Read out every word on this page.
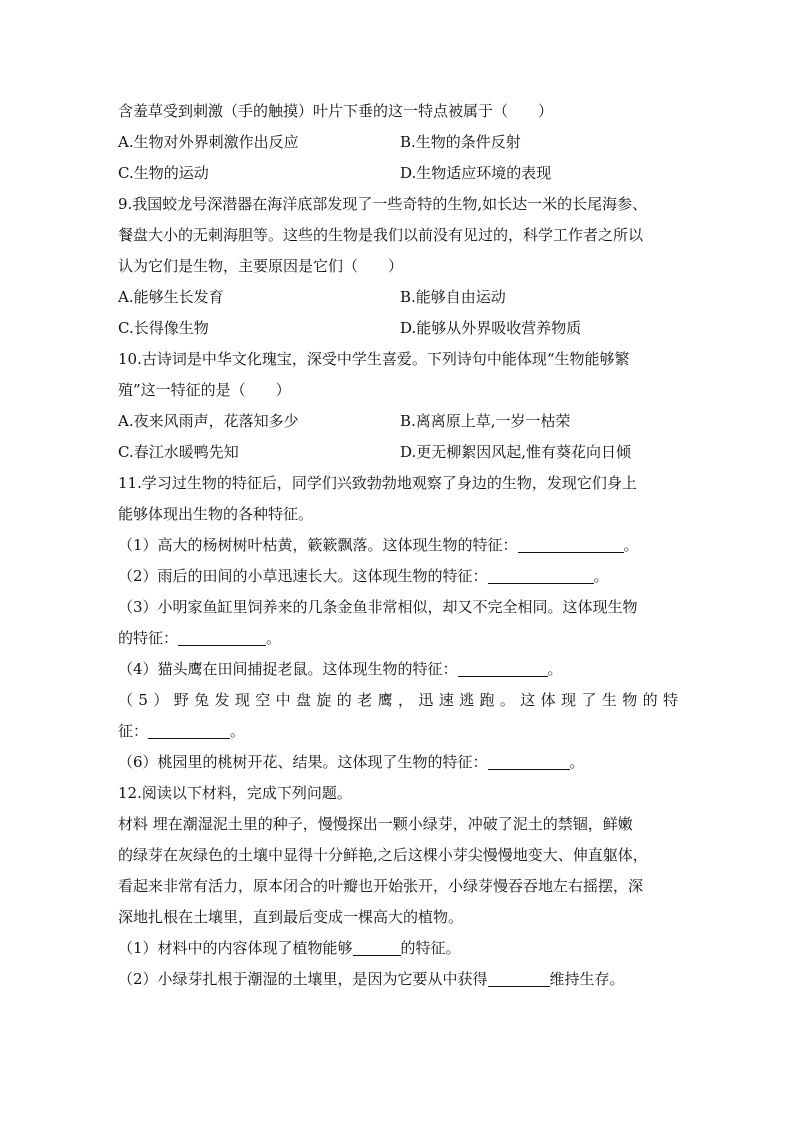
含羞草受到刺激（手的触摸）叶片下垂的这一特点被属于（　　）
A.生物对外界刺激作出反应	B.生物的条件反射
C.生物的运动	D.生物适应环境的表现
9.我国蛟龙号深潜器在海洋底部发现了一些奇特的生物,如长达一米的长尾海参、
餐盘大小的无刺海胆等。这些的生物是我们以前没有见过的，科学工作者之所以
认为它们是生物，主要原因是它们（　　）
A.能够生长发育	B.能够自由运动
C.长得像生物	D.能够从外界吸收营养物质
10.古诗词是中华文化瑰宝，深受中学生喜爱。下列诗句中能体现“生物能够繁
殖”这一特征的是（　　）
A.夜来风雨声，花落知多少	B.离离原上草,一岁一枯荣
C.春江水暖鸭先知	D.更无柳絮因风起,惟有葵花向日倾
11.学习过生物的特征后，同学们兴致勃勃地观察了身边的生物，发现它们身上
能够体现出生物的各种特征。
（1）高大的杨树树叶枯黄，簌簌飘落。这体现生物的特征：	。
（2）雨后的田间的小草迅速长大。这体现生物的特征：	。
（3）小明家鱼缸里饲养来的几条金鱼非常相似，却又不完全相同。这体现生物
的特征：	。
（4）猫头鹰在田间捕捉老鼠。这体现生物的特征：	。
（5）野兔发现空中盘旋的老鹰，迅速逃跑。这体现了生物的特
征：	。
（6）桃园里的桃树开花、结果。这体现了生物的特征：	。
12.阅读以下材料，完成下列问题。
材料 埋在潮湿泥土里的种子，慢慢探出一颗小绿芽，冲破了泥土的禁锢，鲜嫩
的绿芽在灰绿色的土壤中显得十分鲜艳,之后这棵小芽尖慢慢地变大、伸直躯体，
看起来非常有活力，原本闭合的叶瓣也开始张开，小绿芽慢吞吞地左右摇摆，深
深地扎根在土壤里，直到最后变成一棵高大的植物。
（1）材料中的内容体现了植物能够	的特征。
（2）小绿芽扎根于潮湿的土壤里，是因为它要从中获得	维持生存。
